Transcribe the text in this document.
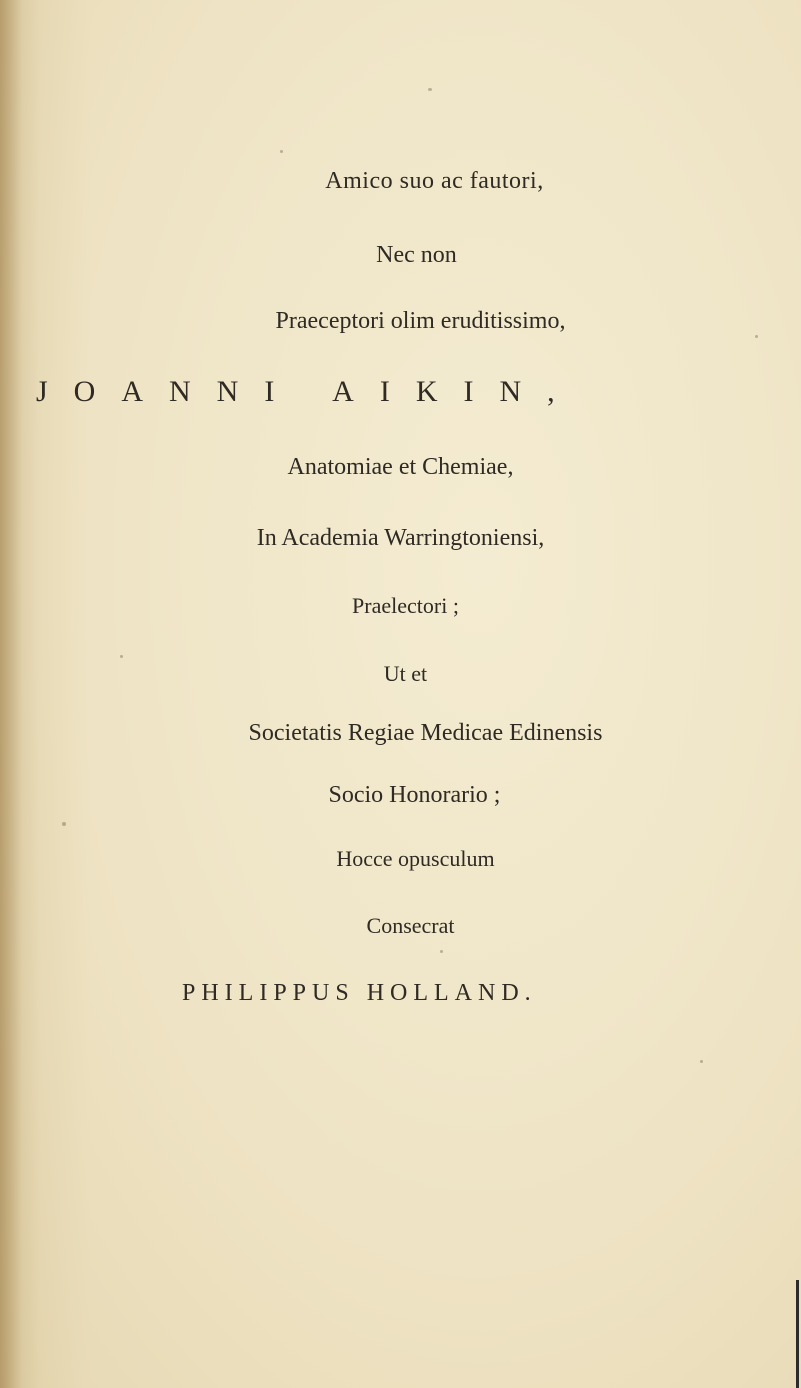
Amico suo ac fautori,
Nec non
Praeceptori olim eruditissimo,
JOANNI AIKIN,
Anatomiae et Chemiae,
In Academia Warringtoniensi,
Praelectori ;
Ut et
Societatis Regiae Medicae Edinensis
Socio Honorario ;
Hocce opusculum
Consecrat
PHILIPPUS HOLLAND.
